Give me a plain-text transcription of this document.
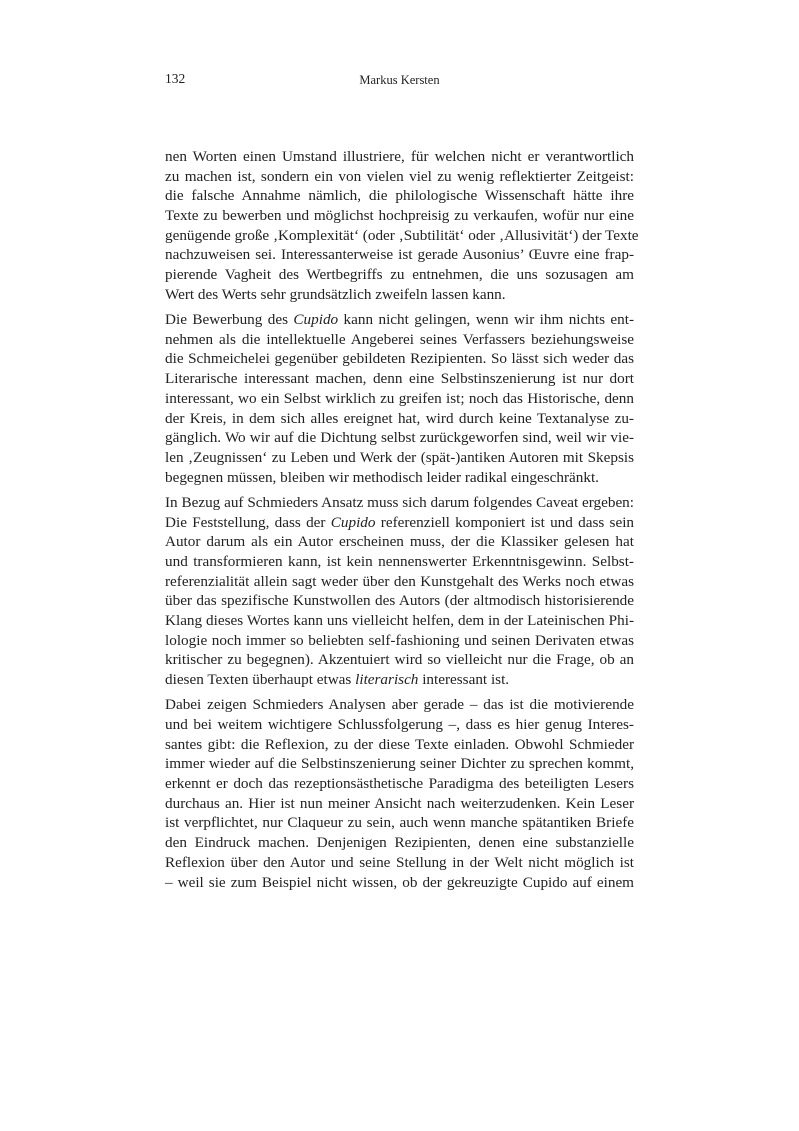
132	Markus Kersten
nen Worten einen Umstand illustriere, für welchen nicht er verantwortlich
zu machen ist, sondern ein von vielen viel zu wenig reflektierter Zeitgeist:
die falsche Annahme nämlich, die philologische Wissenschaft hätte ihre
Texte zu bewerben und möglichst hochpreisig zu verkaufen, wofür nur eine
genügende große ‚Komplexität‘ (oder ‚Subtilität‘ oder ‚Allusivität‘) der Texte
nachzuweisen sei. Interessanterweise ist gerade Ausonius’ Œuvre eine frap-
pierende Vagheit des Wertbegriffs zu entnehmen, die uns sozusagen am
Wert des Werts sehr grundsätzlich zweifeln lassen kann.
Die Bewerbung des Cupido kann nicht gelingen, wenn wir ihm nichts ent-
nehmen als die intellektuelle Angeberei seines Verfassers beziehungsweise
die Schmeichelei gegenüber gebildeten Rezipienten. So lässt sich weder das
Literarische interessant machen, denn eine Selbstinszenierung ist nur dort
interessant, wo ein Selbst wirklich zu greifen ist; noch das Historische, denn
der Kreis, in dem sich alles ereignet hat, wird durch keine Textanalyse zu-
gänglich. Wo wir auf die Dichtung selbst zurückgeworfen sind, weil wir vie-
len ‚Zeugnissen‘ zu Leben und Werk der (spät-)antiken Autoren mit Skepsis
begegnen müssen, bleiben wir methodisch leider radikal eingeschränkt.
In Bezug auf Schmieders Ansatz muss sich darum folgendes Caveat ergeben:
Die Feststellung, dass der Cupido referenziell komponiert ist und dass sein
Autor darum als ein Autor erscheinen muss, der die Klassiker gelesen hat
und transformieren kann, ist kein nennenswerter Erkenntnisgewinn. Selbst-
referenzialität allein sagt weder über den Kunstgehalt des Werks noch etwas
über das spezifische Kunstwollen des Autors (der altmodisch historisierende
Klang dieses Wortes kann uns vielleicht helfen, dem in der Lateinischen Phi-
lologie noch immer so beliebten self-fashioning und seinen Derivaten etwas
kritischer zu begegnen). Akzentuiert wird so vielleicht nur die Frage, ob an
diesen Texten überhaupt etwas literarisch interessant ist.
Dabei zeigen Schmieders Analysen aber gerade – das ist die motivierende
und bei weitem wichtigere Schlussfolgerung –, dass es hier genug Interes-
santes gibt: die Reflexion, zu der diese Texte einladen. Obwohl Schmieder
immer wieder auf die Selbstinszenierung seiner Dichter zu sprechen kommt,
erkennt er doch das rezeptionsästhetische Paradigma des beteiligten Lesers
durchaus an. Hier ist nun meiner Ansicht nach weiterzudenken. Kein Leser
ist verpflichtet, nur Claqueur zu sein, auch wenn manche spätantiken Briefe
den Eindruck machen. Denjenigen Rezipienten, denen eine substanzielle
Reflexion über den Autor und seine Stellung in der Welt nicht möglich ist
– weil sie zum Beispiel nicht wissen, ob der gekreuzigte Cupido auf einem
